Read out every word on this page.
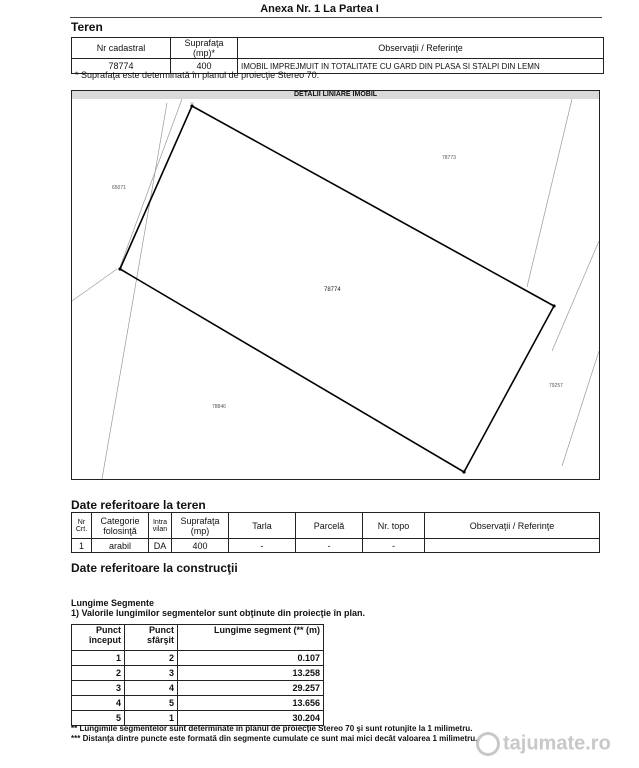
Anexa Nr. 1 La Partea I
Teren
Nr cadastral	Suprafaţa (mp)*	Observaţii / Referinţe
78774	400	IMOBIL IMPREJMUIT IN TOTALITATE CU GARD DIN PLASA SI STALPI DIN LEMN
* Suprafaţa este determinată în planul de proiecţie Stereo 70.
DETALII LINIARE IMOBIL
78774
65071
78773
79257
78846
Date referitoare la teren
Nr Crt.	Categorie folosinţă	Intra vilan	Suprafaţa (mp)	Tarla	Parcelă	Nr. topo	Observaţii / Referinţe
1	arabil	DA	400	-	-	-	
Date referitoare la construcţii
Lungime Segmente
1) Valorile lungimilor segmentelor sunt obţinute din proiecţie în plan.
Punct început	Punct sfârşit	Lungime segment (** (m)
1	2	0.107
2	3	13.258
3	4	29.257
4	5	13.656
5	1	30.204
** Lungimile segmentelor sunt determinate în planul de proiecţie Stereo 70 şi sunt rotunjite la 1 milimetru.
*** Distanţa dintre puncte este formată din segmente cumulate ce sunt mai mici decât valoarea 1 milimetru.	tajumate.ro
